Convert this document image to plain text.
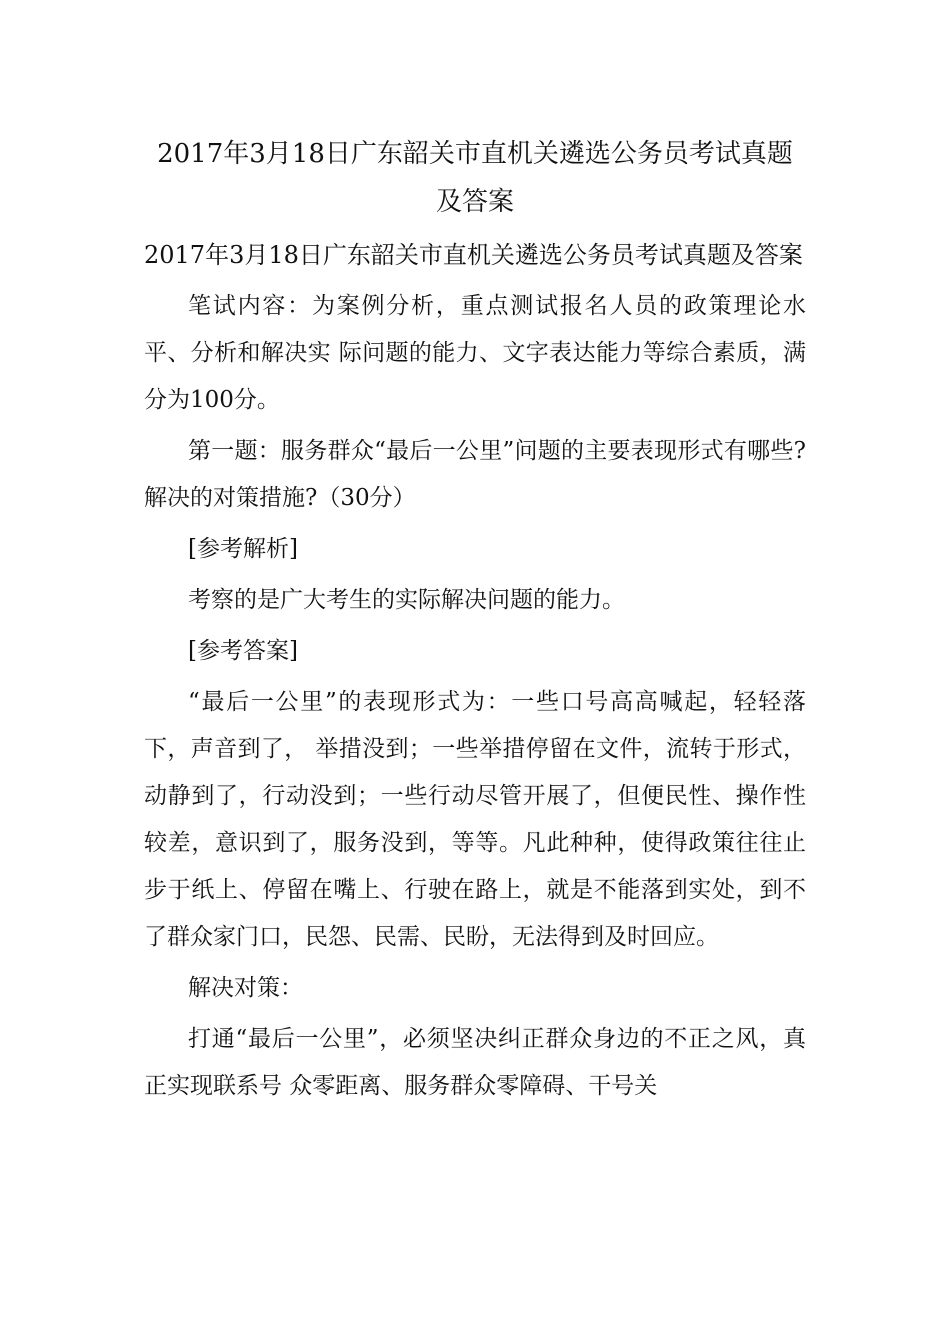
2017年3月18日广东韶关市直机关遴选公务员考试真题
及答案

2017年3月18日广东韶关市直机关遴选公务员考试真题及答案

笔试内容：为案例分析，重点测试报名人员的政策理论水平、分析和解决实 际问题的能力、文字表达能力等综合素质，满分为100分。

第一题：服务群众“最后一公里”问题的主要表现形式有哪些?解决的对策措施?（30分）

[参考解析]

考察的是广大考生的实际解决问题的能力。

[参考答案]

“最后一公里”的表现形式为：一些口号高高喊起，轻轻落下，声音到了， 举措没到；一些举措停留在文件，流转于形式，动静到了，行动没到；一些行动尽管开展了，但便民性、操作性较差，意识到了，服务没到，等等。凡此种种，使得政策往往止步于纸上、停留在嘴上、行驶在路上，就是不能落到实处，到不了群众家门口，民怨、民需、民盼，无法得到及时回应。

解决对策：

打通“最后一公里”，必须坚决纠正群众身边的不正之风，真正实现联系号 众零距离、服务群众零障碍、干号关
